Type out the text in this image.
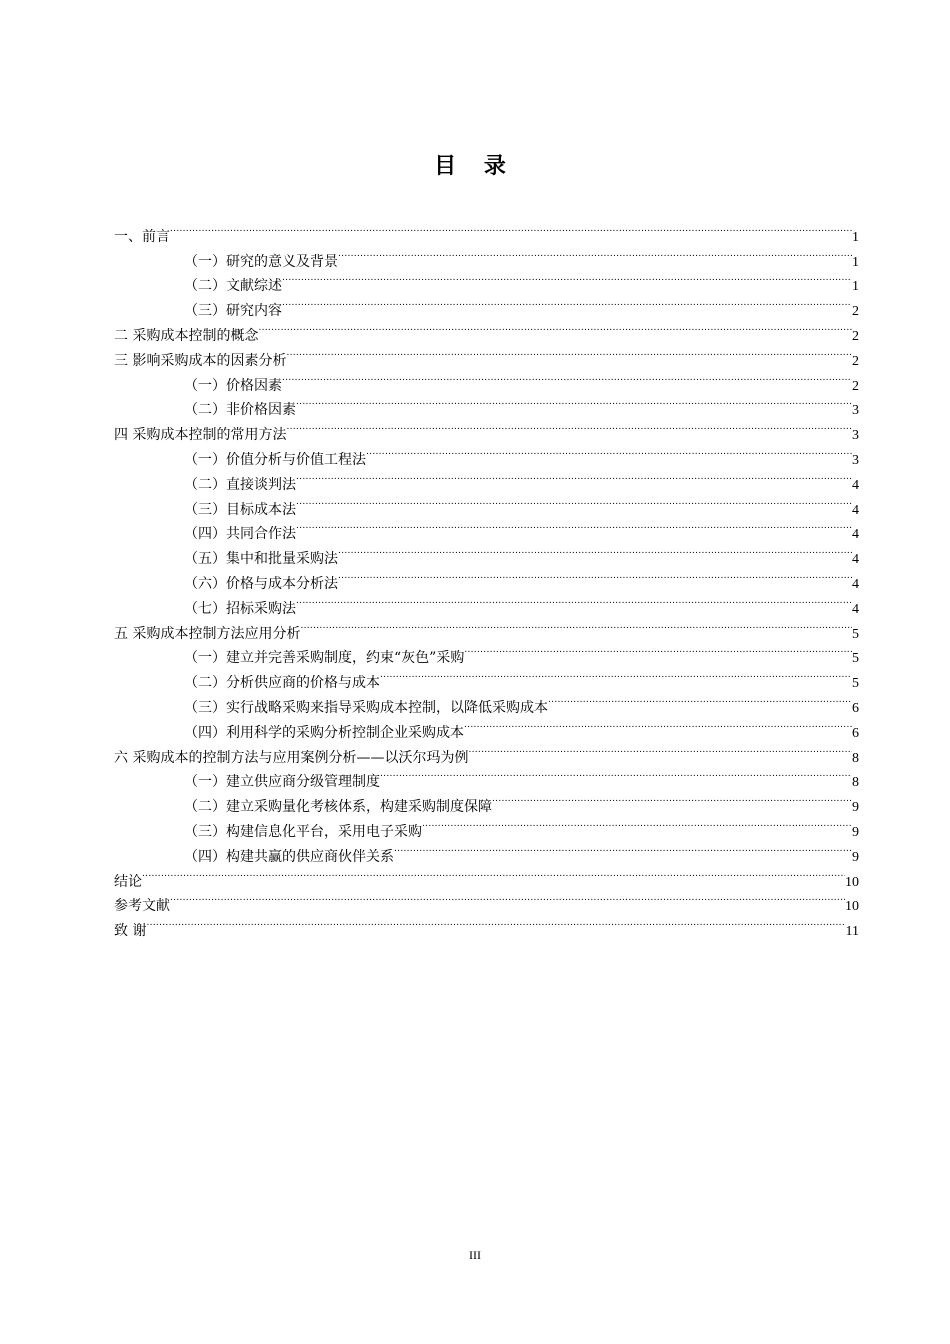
目 录
一、前言 .....	1
（一）研究的意义及背景 .....	1
（二）文献综述 .....	1
（三）研究内容 .....	2
二 采购成本控制的概念 .....	2
三 影响采购成本的因素分析 .....	2
（一）价格因素 .....	2
（二）非价格因素 .....	3
四 采购成本控制的常用方法 .....	3
（一）价值分析与价值工程法 .....	3
（二）直接谈判法 .....	4
（三）目标成本法 .....	4
（四）共同合作法 .....	4
（五）集中和批量采购法 .....	4
（六）价格与成本分析法 .....	4
（七）招标采购法 .....	4
五 采购成本控制方法应用分析 .....	5
（一）建立并完善采购制度，约束“灰色”采购 .....	5
（二）分析供应商的价格与成本 .....	5
（三）实行战略采购来指导采购成本控制，以降低采购成本 .....	6
（四）利用科学的采购分析控制企业采购成本 .....	6
六 采购成本的控制方法与应用案例分析——以沃尔玛为例 .....	8
（一）建立供应商分级管理制度 .....	8
（二）建立采购量化考核体系，构建采购制度保障 .....	9
（三）构建信息化平台，采用电子采购 .....	9
（四）构建共赢的供应商伙伴关系 .....	9
结论 .....	10
参考文献 .....	10
致 谢 .....	11
III
